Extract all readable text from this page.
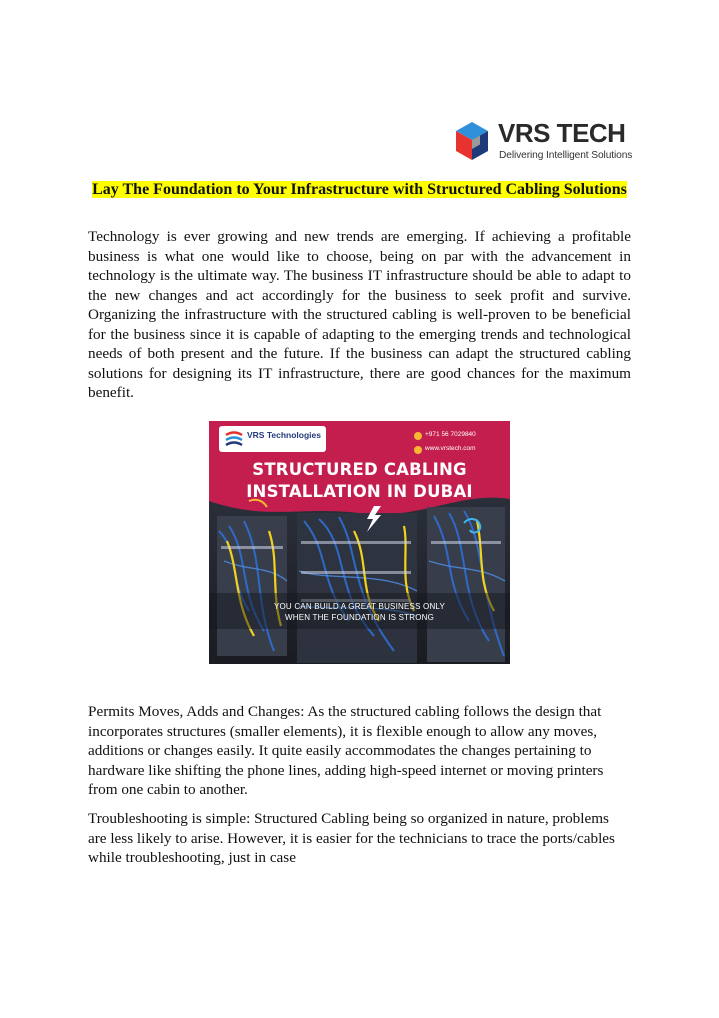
VRS TECH
Delivering Intelligent Solutions
Lay The Foundation to Your Infrastructure with Structured Cabling Solutions

Technology is ever growing and new trends are emerging. If achieving a profitable business is what one would like to choose, being on par with the advancement in technology is the ultimate way. The business IT infrastructure should be able to adapt to the new changes and act accordingly for the business to seek profit and survive. Organizing the infrastructure with the structured cabling is well-proven to be beneficial for the business since it is capable of adapting to the emerging trends and technological needs of both present and the future. If the business can adapt the structured cabling solutions for designing its IT infrastructure, there are good chances for the maximum benefit.

VRS Technologies	+971 56 7029840
www.vrstech.com
STRUCTURED CABLING
INSTALLATION IN DUBAI
YOU CAN BUILD A GREAT BUSINESS ONLY
WHEN THE FOUNDATION IS STRONG

Permits Moves, Adds and Changes: As the structured cabling follows the design that incorporates structures (smaller elements), it is flexible enough to allow any moves, additions or changes easily. It quite easily accommodates the changes pertaining to hardware like shifting the phone lines, adding high-speed internet or moving printers from one cabin to another.

Troubleshooting is simple: Structured Cabling being so organized in nature, problems are less likely to arise. However, it is easier for the technicians to trace the ports/cables while troubleshooting, just in case
